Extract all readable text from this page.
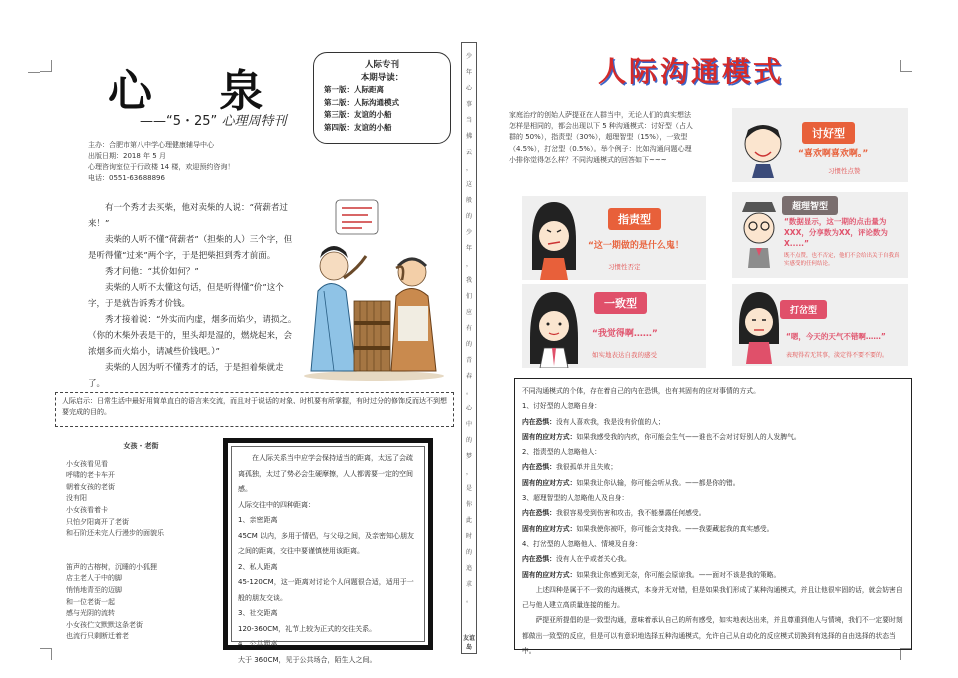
心 泉
——“5・25” 心理周特刊
主办：合肥市第八中学心理健康辅导中心
出版日期：2018 年 5 月
心理咨询室位于行政楼 14 楼，欢迎预约咨询！
电话：0551-63688896
人际专刊
本期导读：
第一版：人际距离
第二版：人际沟通模式
第三版：友谊的小船
第四版：友谊的小船

有一个秀才去买柴，他对卖柴的人说：“荷薪者过来！”

卖柴的人听不懂“荷薪者”（担柴的人）三个字，但是听得懂“过来”两个字，于是把柴担到秀才前面。

秀才问他：“其价如何？”

卖柴的人听不太懂这句话，但是听得懂“价”这个字，于是就告诉秀才价钱。

秀才接着说：“外实而内虚，烟多而焰少，请损之。（你的木柴外表是干的，里头却是湿的，燃烧起来，会浓烟多而火焰小，请减些价钱吧。）”

卖柴的人因为听不懂秀才的话，于是担着柴就走了。

人际启示：日常生活中最好用简单直白的语言来交流，而且对于说话的对象、时机要有所掌握，有时过分的修饰反而达不到想要完成的目的。
女孩・老街
小女孩看见看
呼啸的老卡车开
朝着女孩的老街
没有阳
小女孩看着卡
只怕夕阳离开了老街
和石阶还未完人行漫步的面貌乐
笛声的古榕树，沉睡的小狐狸
店主老人于中的脚
悄悄地青至的迈脚
和一位老街一起
感与光阴的流转
小女孩伫文默默这条老街
也流行只剩断迁着老
在人际关系当中应学会保持适当的距离，太远了会疏离孤独，太过了势必会生硬摩擦，人人都需要一定的空间感。
人际交往中的四种距离：
1、亲密距离
45CM 以内，多用于情侣，与父母之间，及亲密知心朋友之间的距离，交往中要谨慎使用该距离。
2、私人距离
45-120CM，这一距离对讨论个人问题很合适，适用于一般的朋友交谈。
3、社交距离
120-360CM，礼节上较为正式的交往关系。
4、公共距离
大于 360CM，见于公共场合，陌生人之间。
少
年
心
事
当
拂
云
，
这
般
的
少
年
，
我
们
应
有
的
青
春
。
心
中
的
梦
，
是
你
此
时
的
追
求
。
友谊岛
人际沟通模式
家庭治疗的创始人萨提亚在人群当中，无论人们的真实想法怎样是相同的，都会出现以下 5 种沟通模式：讨好型（占人群的 50%），指责型（30%），超理智型（15%），一致型（4.5%），打岔型（0.5%）。举个例子：比如沟通问题心理小排你觉得怎么样？不同沟通模式的回答如下~~~
讨好型
“喜欢啊喜欢啊。”
习惯性点赞
指责型
“这一期做的是什么鬼！
习惯性否定
超理智型
“数据显示，这一期的点击量为XXX，分享数为XX，评论数为X.....”
既不点赞，也不否定，他们不会给出关于自我真实感受的任何结论。
一致型
“我觉得啊……”
如实地表达自我的感受
打岔型
“嗯，今天的天气不错啊……”
表现得若无其事，淡定得不要不要的。
不同沟通模式的个体，存在着自己的内在恐惧，也有其固有的应对事情的方式。
1、讨好型的人忽略自身：
内在恐惧：没有人喜欢我，我是没有价值的人；
固有的应对方式：如果我感受我的内疚，你可能会生气——谁也不会对讨好别人的人发脾气。
2、指责型的人忽略他人：
内在恐惧：我很孤单并且失败；
固有的应对方式：如果我让你认输，你可能会听从我。——都是你的错。
3、超理智型的人忽略他人及自身：
内在恐惧：我很容易受到伤害和攻击，我不能暴露任何感受。
固有的应对方式：如果我使你被吓，你可能会支持我。——我要藏起我的真实感受。
4、打岔型的人忽略他人、情境及自身：
内在恐惧：没有人在乎或者关心我。
固有的应对方式：如果我让你感到无奈，你可能会原谅我。——面对不该是我的策略。
上述四种是属于不一致的沟通模式，本身并无对错，但是如果我们形成了某种沟通模式，并且让他很牢固的话，就会妨害自己与他人建立高质量连接的能力。
萨提亚所提倡的是一致型沟通，意味着承认自己的所有感受，如实地表达出来，并且尊重到他人与情境，我们不一定要时刻都做出一致型的反应，但是可以有意识地选择五种沟通模式，允许自己从自动化的反应模式切换到有选择的自由选择的状态当中。
